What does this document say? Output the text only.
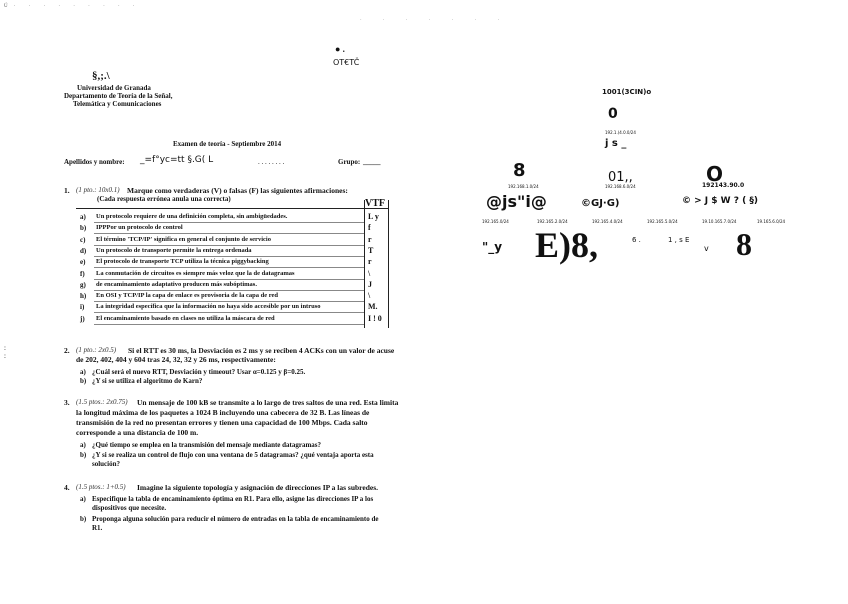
Ú· · · · · · · · ·
· · · · · · ·
● .
OT€TČ
§,;.\
Universidad de Granada
Departamento de Teoría de la Señal,
Telemática y Comunicaciones
Examen de teoría - Septiembre 2014
Apellidos y nombre: _=f°yc=tt §.G( L	. . . . . . . .	Grupo: _____
1. (1 pto.: 10x0.1) Marque como verdaderas (V) o falsas (F) las siguientes afirmaciones:
(Cada respuesta errónea anula una correcta)	VTF
a) Un protocolo requiere de una definición completa, sin ambigüedades.	L y
b) IPPPor un protocolo de control	f
c) El término 'TCP/IP' significa en general el conjunto de servicio	r
d) Un protocolo de transporte permite la entrega ordenada	T
e) El protocolo de transporte TCP utiliza la técnica piggybacking	r
f) La conmutación de circuitos es siempre más veloz que la de datagramas	\
g) de encaminamiento adaptativo producen más subóptimas.	J
h) En OSI y TCP/IP la capa de enlace es provisoria de la capa de red	\
i) La integridad específica que la información no haya sido accesible por un intruso	M.
j) El encaminamiento basado en clases no utiliza la máscara de red	I ! 0
2. (1 pto.: 2x0.5) Si el RTT es 30 ms, la Desviación es 2 ms y se reciben 4 ACKs con un valor de acuse
de 202, 402, 404 y 604 tras 24, 32, 32 y 26 ms, respectivamente:
a) ¿Cuál será el nuevo RTT, Desviación y timeout? Usar α=0.125 y β=0.25.
b) ¿Y si se utiliza el algoritmo de Karn?
3. (1.5 ptos.: 2x0.75) Un mensaje de 100 kB se transmite a lo largo de tres saltos de una red. Esta limita
la longitud máxima de los paquetes a 1024 B incluyendo una cabecera de 32 B. Las líneas de
transmisión de la red no presentan errores y tienen una capacidad de 100 Mbps. Cada salto
corresponde a una distancia de 100 m.
a) ¿Qué tiempo se emplea en la transmisión del mensaje mediante datagramas?
b) ¿Y si se realiza un control de flujo con una ventana de 5 datagramas? ¿qué ventaja aporta esta
solución?
4. (1.5 ptos.: 1+0.5) Imagine la siguiente topología y asignación de direcciones IP a las subredes.
a) Especifique la tabla de encaminamiento óptima en R1. Para ello, asigne las direcciones IP a los
dispositivos que necesite.
b) Proponga alguna solución para reducir el número de entradas en la tabla de encaminamiento de
R1.
:
:
1001(3CIN)o
0
192.1.(4.0.0/24
j s _
8	01,,	O
192.168.1.0/24	192.168.6.0/24	192143.90.0
@js"i@	©GJ·G)	© > J $ W ? ( §)
192.165.0/24	192.165.2.0/24	192.165.4.0/24	192.165.5.0/24	19.10.165.7.0/24	19.165.6.0/24
"_y E)8,	6 .	1 , s E
v 8
